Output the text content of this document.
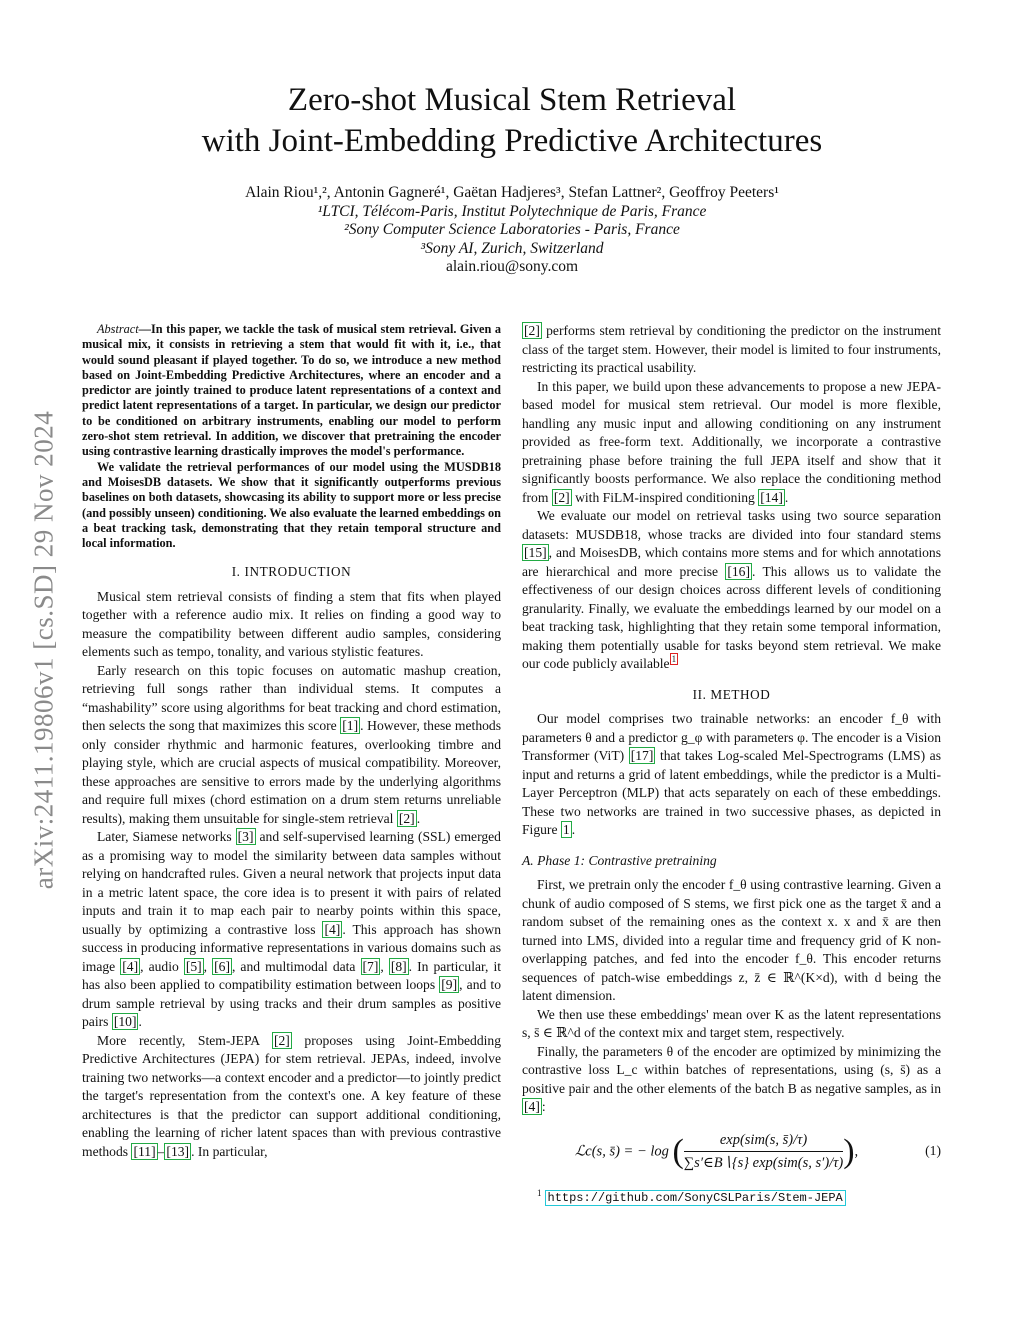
arXiv:2411.19806v1 [cs.SD] 29 Nov 2024
Zero-shot Musical Stem Retrieval
with Joint-Embedding Predictive Architectures
Alain Riou¹,², Antonin Gagneré¹, Gaëtan Hadjeres³, Stefan Lattner², Geoffroy Peeters¹
¹LTCI, Télécom-Paris, Institut Polytechnique de Paris, France
²Sony Computer Science Laboratories - Paris, France
³Sony AI, Zurich, Switzerland
alain.riou@sony.com

Abstract—In this paper, we tackle the task of musical stem retrieval. Given a musical mix, it consists in retrieving a stem that would fit with it, i.e., that would sound pleasant if played together. To do so, we introduce a new method based on Joint-Embedding Predictive Architectures, where an encoder and a predictor are jointly trained to produce latent representations of a context and predict latent representations of a target. In particular, we design our predictor to be conditioned on arbitrary instruments, enabling our model to perform zero-shot stem retrieval. In addition, we discover that pretraining the encoder using contrastive learning drastically improves the model's performance.

We validate the retrieval performances of our model using the MUSDB18 and MoisesDB datasets. We show that it significantly outperforms previous baselines on both datasets, showcasing its ability to support more or less precise (and possibly unseen) conditioning. We also evaluate the learned embeddings on a beat tracking task, demonstrating that they retain temporal structure and local information.

I. INTRODUCTION

Musical stem retrieval consists of finding a stem that fits when played together with a reference audio mix. It relies on finding a good way to measure the compatibility between different audio samples, considering elements such as tempo, tonality, and various stylistic features.

Early research on this topic focuses on automatic mashup creation, retrieving full songs rather than individual stems. It computes a “mashability” score using algorithms for beat tracking and chord estimation, then selects the song that maximizes this score [1] . However, these methods only consider rhythmic and harmonic features, overlooking timbre and playing style, which are crucial aspects of musical compatibility. Moreover, these approaches are sensitive to errors made by the underlying algorithms and require full mixes (chord estimation on a drum stem returns unreliable results), making them unsuitable for single-stem retrieval [2] .

Later, Siamese networks [3] and self-supervised learning (SSL) emerged as a promising way to model the similarity between data samples without relying on handcrafted rules. Given a neural network that projects input data in a metric latent space, the core idea is to present it with pairs of related inputs and train it to map each pair to nearby points within this space, usually by optimizing a contrastive loss [4] . This approach has shown success in producing informative representations in various domains such as image [4] , audio [5] , [6] , and multimodal data [7] , [8] . In particular, it has also been applied to compatibility estimation between loops [9] , and to drum sample retrieval by using tracks and their drum samples as positive pairs [10] .

More recently, Stem-JEPA [2] proposes using Joint-Embedding Predictive Architectures (JEPA) for stem retrieval. JEPAs, indeed, involve training two networks—a context encoder and a predictor—to jointly predict the target's representation from the context's one. A key feature of these architectures is that the predictor can support additional conditioning, enabling the learning of richer latent spaces than with previous contrastive methods [11] – [13] . In particular,

[2] performs stem retrieval by conditioning the predictor on the instrument class of the target stem. However, their model is limited to four instruments, restricting its practical usability.

In this paper, we build upon these advancements to propose a new JEPA-based model for musical stem retrieval. Our model is more flexible, handling any music input and allowing conditioning on any instrument provided as free-form text. Additionally, we incorporate a contrastive pretraining phase before training the full JEPA itself and show that it significantly boosts performance. We also replace the conditioning method from [2] with FiLM-inspired conditioning [14] .

We evaluate our model on retrieval tasks using two source separation datasets: MUSDB18, whose tracks are divided into four standard stems [15] , and MoisesDB, which contains more stems and for which annotations are hierarchical and more precise [16] . This allows us to validate the effectiveness of our design choices across different levels of conditioning granularity. Finally, we evaluate the embeddings learned by our model on a beat tracking task, highlighting that they retain some temporal information, making them potentially usable for tasks beyond stem retrieval. We make our code publicly available $^1$

II. METHOD

Our model comprises two trainable networks: an encoder f_θ with parameters θ and a predictor g_φ with parameters φ. The encoder is a Vision Transformer (ViT) [17] that takes Log-scaled Mel-Spectrograms (LMS) as input and returns a grid of latent embeddings, while the predictor is a Multi-Layer Perceptron (MLP) that acts separately on each of these embeddings. These two networks are trained in two successive phases, as depicted in Figure 1 .

A. Phase 1: Contrastive pretraining

First, we pretrain only the encoder f_θ using contrastive learning. Given a chunk of audio composed of S stems, we first pick one as the target x̄ and a random subset of the remaining ones as the context x. x and x̄ are then turned into LMS, divided into a regular time and frequency grid of K non-overlapping patches, and fed into the encoder f_θ. This encoder returns sequences of patch-wise embeddings z, z̄ ∈ ℝ^(K×d), with d being the latent dimension.

We then use these embeddings' mean over K as the latent representations s, s̄ ∈ ℝ^d of the context mix and target stem, respectively.

Finally, the parameters θ of the encoder are optimized by minimizing the contrastive loss L_c within batches of representations, using (s, s̄) as a positive pair and the other elements of the batch B as negative samples, as in [4] :

ℒc(s, s̄) = − log ( $\frac{\text{exp(sim(s, s̄)/τ)}}{\text{∑s′∈B∖\{s\} exp(sim(s, s′)/τ)}}$ ),	(1)
$^1$ https://github.com/SonyCSLParis/Stem-JEPA
